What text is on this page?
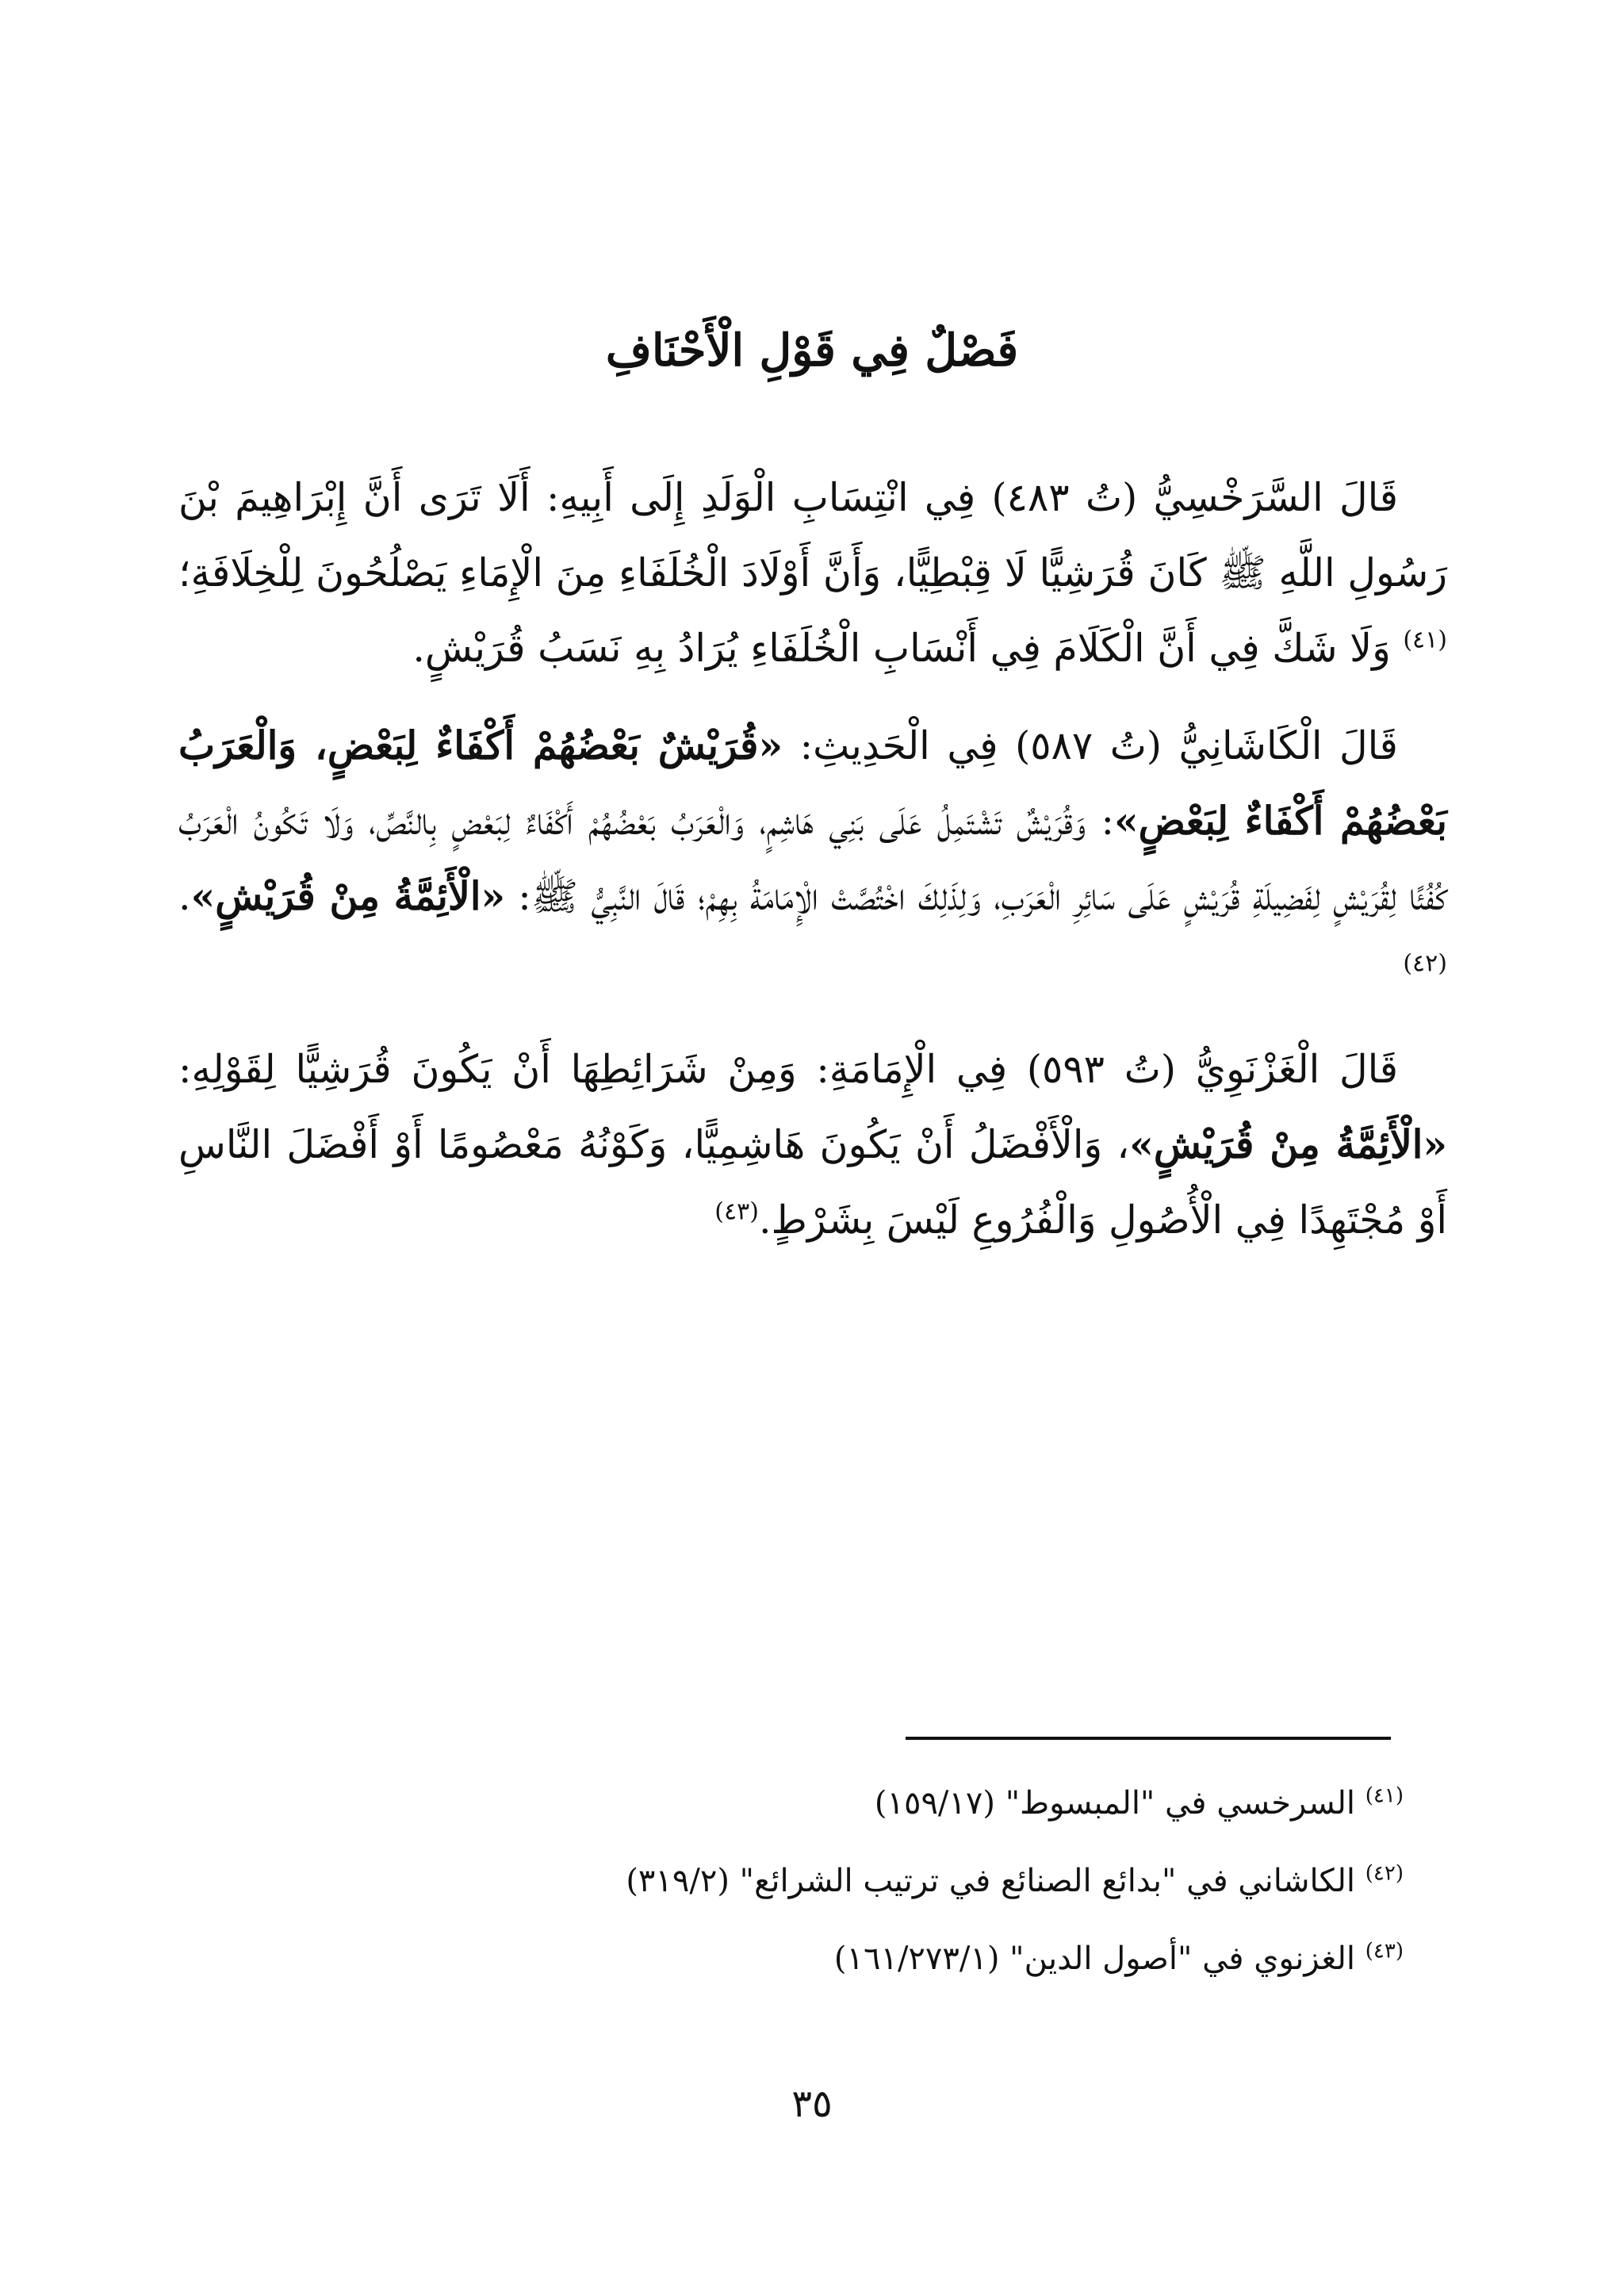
فَصْلٌ فِي قَوْلِ الْأَحْنَافِ

قَالَ السَّرَخْسِيُّ (تُ ٤٨٣) فِي انْتِسَابِ الْوَلَدِ إِلَى أَبِيهِ: أَلَا تَرَى أَنَّ إِبْرَاهِيمَ بْنَ رَسُولِ اللَّهِ ﷺ كَانَ قُرَشِيًّا لَا قِبْطِيًّا، وَأَنَّ أَوْلَادَ الْخُلَفَاءِ مِنَ الْإِمَاءِ يَصْلُحُونَ لِلْخِلَافَةِ؛$^{(٤١)}$ وَلَا شَكَّ فِي أَنَّ الْكَلَامَ فِي أَنْسَابِ الْخُلَفَاءِ يُرَادُ بِهِ نَسَبُ قُرَيْشٍ.

قَالَ الْكَاشَانِيُّ (تُ ٥٨٧) فِي الْحَدِيثِ: «قُرَيْشٌ بَعْضُهُمْ أَكْفَاءٌ لِبَعْضٍ، وَالْعَرَبُ بَعْضُهُمْ أَكْفَاءٌ لِبَعْضٍ»: وَقُرَيْشٌ تَشْتَمِلُ عَلَى بَنِي هَاشِمٍ، وَالْعَرَبُ بَعْضُهُمْ أَكْفَاءٌ لِبَعْضٍ بِالنَّصِّ، وَلَا تَكُونُ الْعَرَبُ كُفُئًا لِقُرَيْشٍ لِفَضِيلَةِ قُرَيْشٍ عَلَى سَائِرِ الْعَرَبِ، وَلِذَلِكَ اخْتُصَّتْ الْإِمَامَةُ بِهِمْ؛ قَالَ النَّبِيُّ ﷺ: «الْأَئِمَّةُ مِنْ قُرَيْشٍ».$^{(٤٢)}$

قَالَ الْغَزْنَوِيُّ (تُ ٥٩٣) فِي الْإِمَامَةِ: وَمِنْ شَرَائِطِهَا أَنْ يَكُونَ قُرَشِيًّا لِقَوْلِهِ: «الْأَئِمَّةُ مِنْ قُرَيْشٍ»، وَالْأَفْضَلُ أَنْ يَكُونَ هَاشِمِيًّا، وَكَوْنُهُ مَعْصُومًا أَوْ أَفْضَلَ النَّاسِ أَوْ مُجْتَهِدًا فِي الْأُصُولِ وَالْفُرُوعِ لَيْسَ بِشَرْطٍ.$^{(٤٣)}$

$^{(٤١)}$ السرخسي في "المبسوط" (١٥٩/١٧)

$^{(٤٢)}$ الكاشاني في "بدائع الصنائع في ترتيب الشرائع" (٣١٩/٢)

$^{(٤٣)}$ الغزنوي في "أصول الدين" (١٦١/٢٧٣/١)

٣٥
